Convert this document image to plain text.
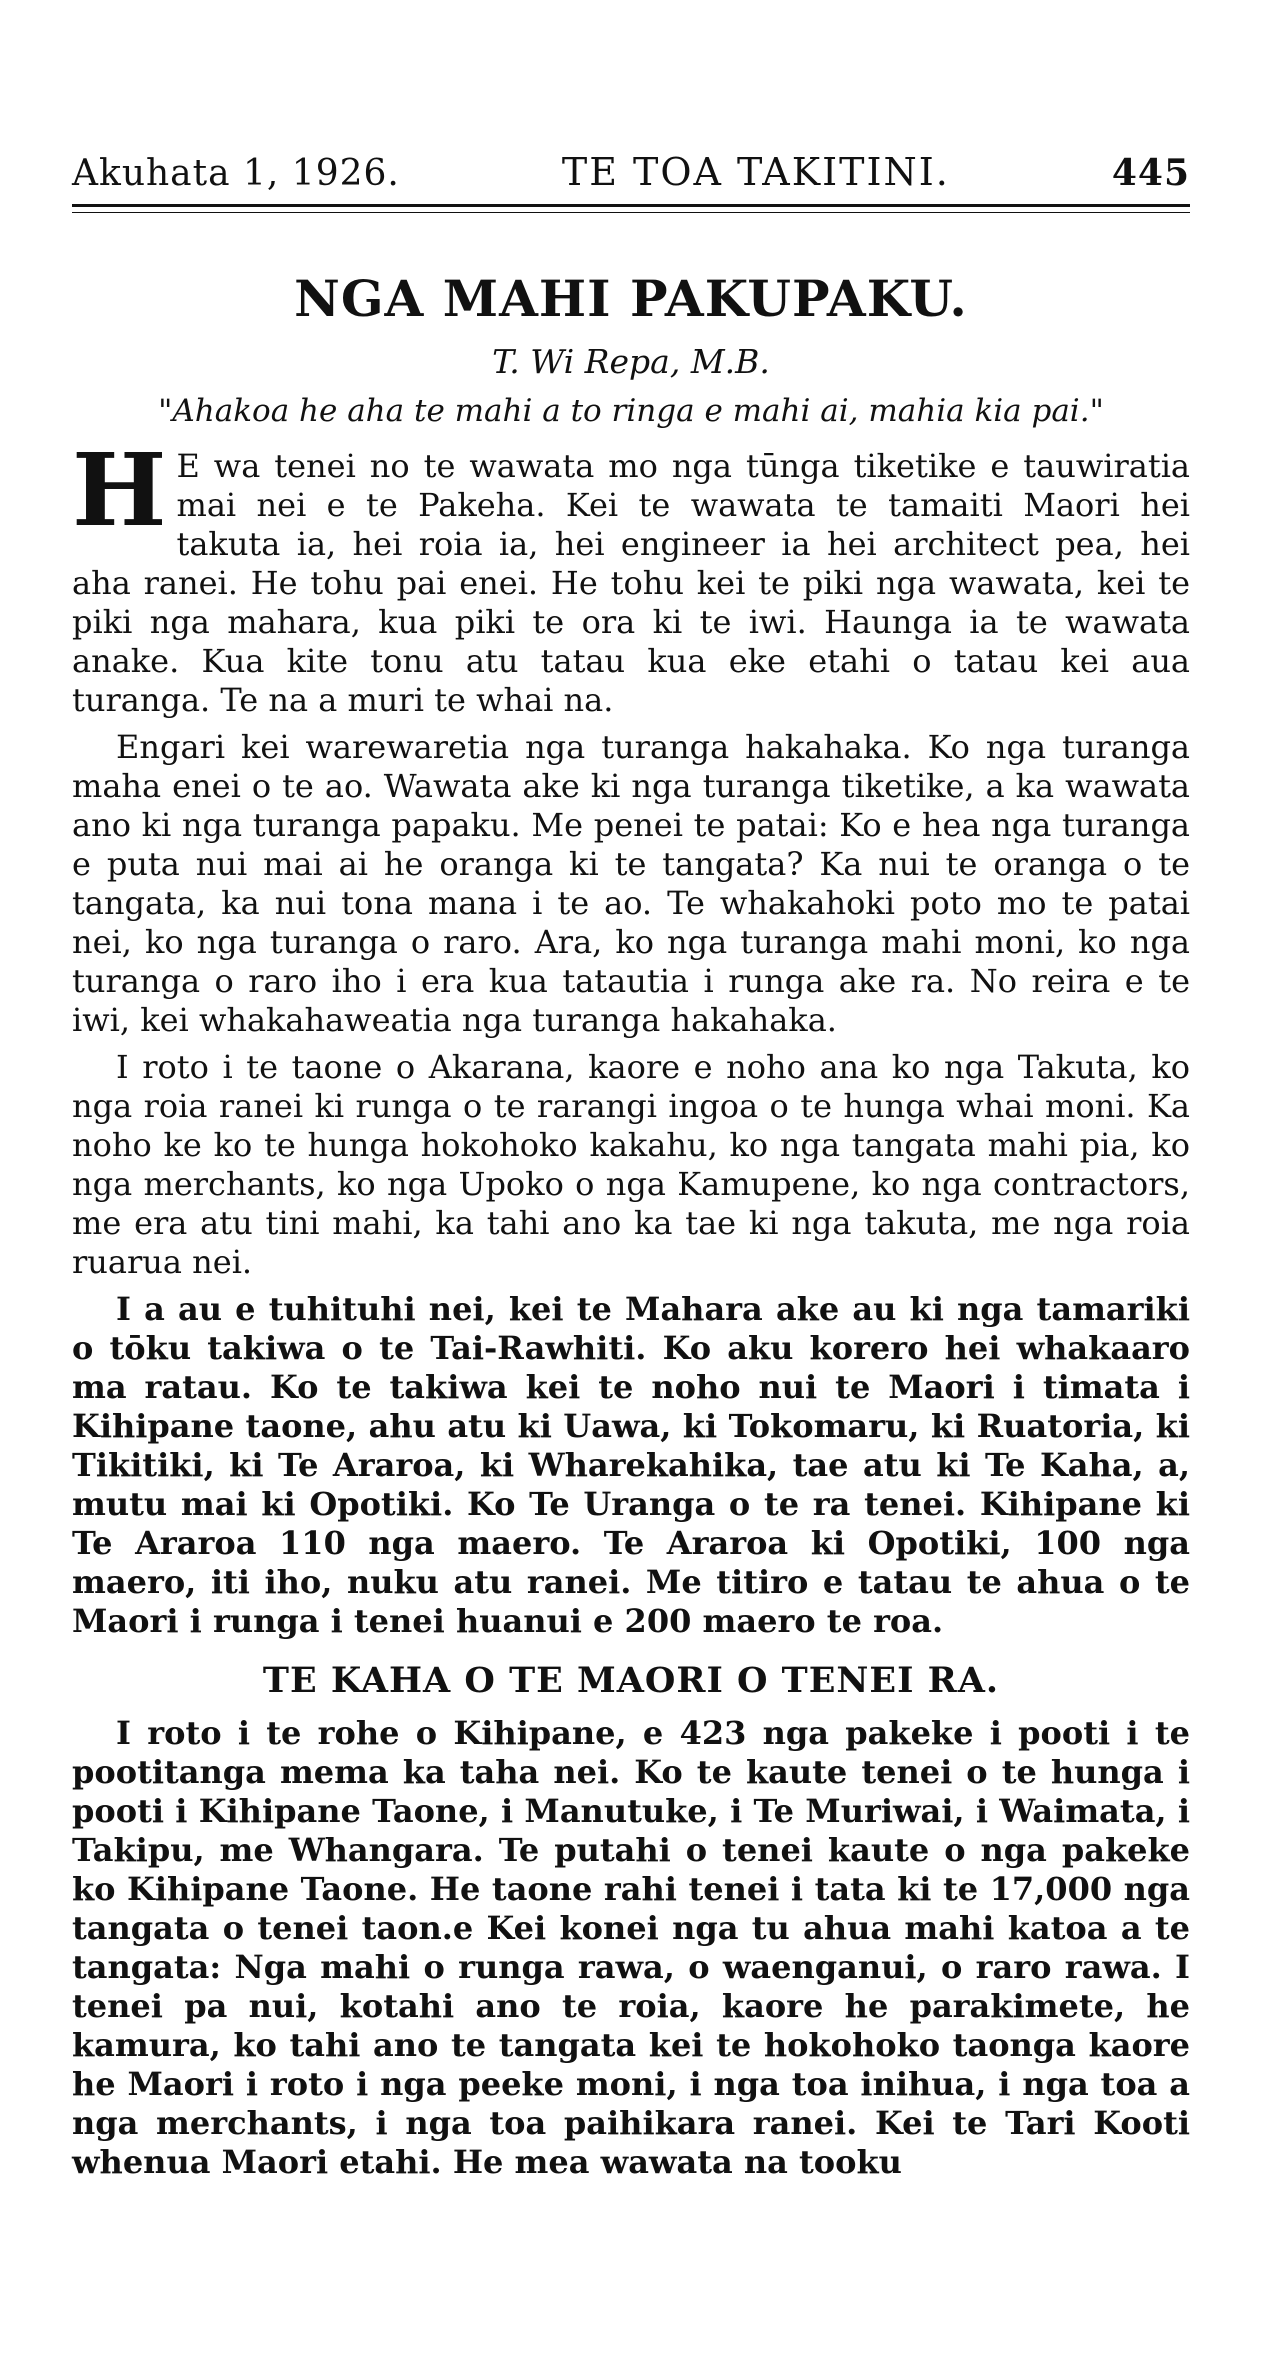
Akuhata 1, 1926.	TE TOA TAKITINI.	445
NGA MAHI PAKUPAKU.
T. Wi Repa, M.B.
"Ahakoa he aha te mahi a to ringa e mahi ai, mahia kia pai."

H E wa tenei no te wawata mo nga tūnga tiketike e tauwiratia mai nei e te Pakeha. Kei te wawata te tamaiti Maori hei takuta ia, hei roia ia, hei engineer ia hei architect pea, hei aha ranei. He tohu pai enei. He tohu kei te piki nga wawata, kei te piki nga mahara, kua piki te ora ki te iwi. Haunga ia te wawata anake. Kua kite tonu atu tatau kua eke etahi o tatau kei aua turanga. Te na a muri te whai na.

Engari kei warewaretia nga turanga hakahaka. Ko nga turanga maha enei o te ao. Wawata ake ki nga turanga tiketike, a ka wawata ano ki nga turanga papaku. Me penei te patai: Ko e hea nga turanga e puta nui mai ai he oranga ki te tangata? Ka nui te oranga o te tangata, ka nui tona mana i te ao. Te whakahoki poto mo te patai nei, ko nga turanga o raro. Ara, ko nga turanga mahi moni, ko nga turanga o raro iho i era kua tatautia i runga ake ra. No reira e te iwi, kei whakahaweatia nga turanga hakahaka.

I roto i te taone o Akarana, kaore e noho ana ko nga Takuta, ko nga roia ranei ki runga o te rarangi ingoa o te hunga whai moni. Ka noho ke ko te hunga hokohoko kakahu, ko nga tangata mahi pia, ko nga merchants, ko nga Upoko o nga Kamupene, ko nga contractors, me era atu tini mahi, ka tahi ano ka tae ki nga takuta, me nga roia ruarua nei.

I a au e tuhituhi nei, kei te Mahara ake au ki nga tamariki o tōku takiwa o te Tai-Rawhiti. Ko aku korero hei whakaaro ma ratau. Ko te takiwa kei te noho nui te Maori i timata i Kihipane taone, ahu atu ki Uawa, ki Tokomaru, ki Ruatoria, ki Tikitiki, ki Te Araroa, ki Wharekahika, tae atu ki Te Kaha, a, mutu mai ki Opotiki. Ko Te Uranga o te ra tenei. Kihipane ki Te Araroa 110 nga maero. Te Araroa ki Opotiki, 100 nga maero, iti iho, nuku atu ranei. Me titiro e tatau te ahua o te Maori i runga i tenei huanui e 200 maero te roa.

TE KAHA O TE MAORI O TENEI RA.

I roto i te rohe o Kihipane, e 423 nga pakeke i pooti i te pootitanga mema ka taha nei. Ko te kaute tenei o te hunga i pooti i Kihipane Taone, i Manutuke, i Te Muriwai, i Waimata, i Takipu, me Whangara. Te putahi o tenei kaute o nga pakeke ko Kihipane Taone. He taone rahi tenei i tata ki te 17,000 nga tangata o tenei taon.e Kei konei nga tu ahua mahi katoa a te tangata: Nga mahi o runga rawa, o waenganui, o raro rawa. I tenei pa nui, kotahi ano te roia, kaore he parakimete, he kamura, ko tahi ano te tangata kei te hokohoko taonga kaore he Maori i roto i nga peeke moni, i nga toa inihua, i nga toa a nga merchants, i nga toa paihikara ranei. Kei te Tari Kooti whenua Maori etahi. He mea wawata na tooku
